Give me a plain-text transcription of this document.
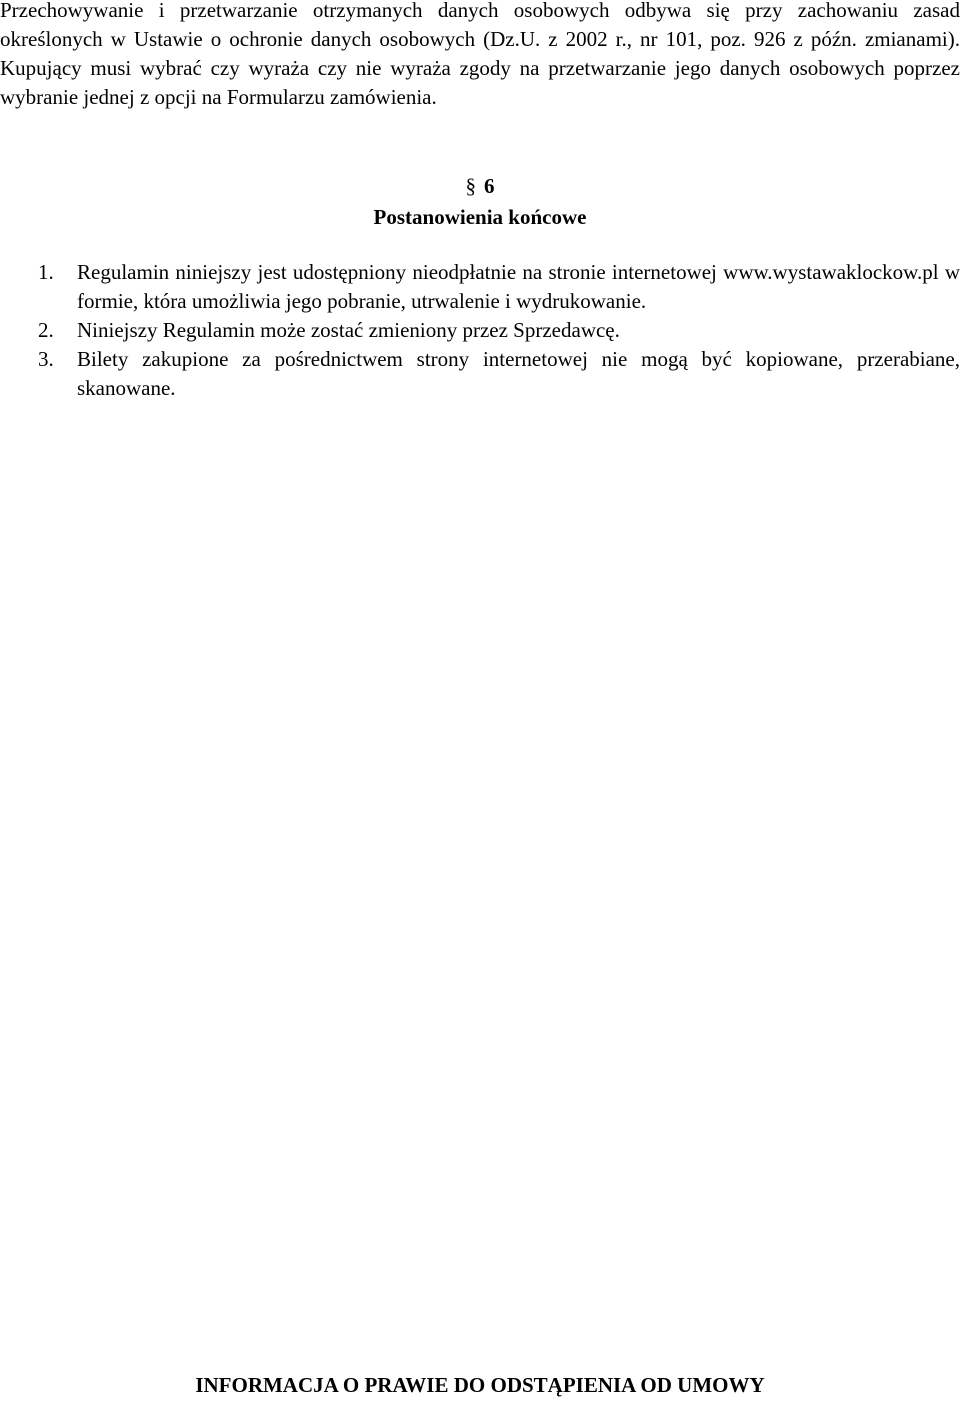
Przechowywanie i przetwarzanie otrzymanych danych osobowych odbywa się przy zachowaniu zasad określonych w Ustawie o ochronie danych osobowych (Dz.U. z 2002 r., nr 101, poz. 926 z późn. zmianami). Kupujący musi wybrać czy wyraża czy nie wyraża zgody na przetwarzanie jego danych osobowych poprzez wybranie jednej z opcji na Formularzu zamówienia.

§ 6
Postanowienia końcowe
1. Regulamin niniejszy jest udostępniony nieodpłatnie na stronie internetowej www.wystawaklockow.pl w formie, która umożliwia jego pobranie, utrwalenie i wydrukowanie.
2. Niniejszy Regulamin może zostać zmieniony przez Sprzedawcę.
3. Bilety zakupione za pośrednictwem strony internetowej nie mogą być kopiowane, przerabiane, skanowane.
INFORMACJA O PRAWIE DO ODSTĄPIENIA OD UMOWY
